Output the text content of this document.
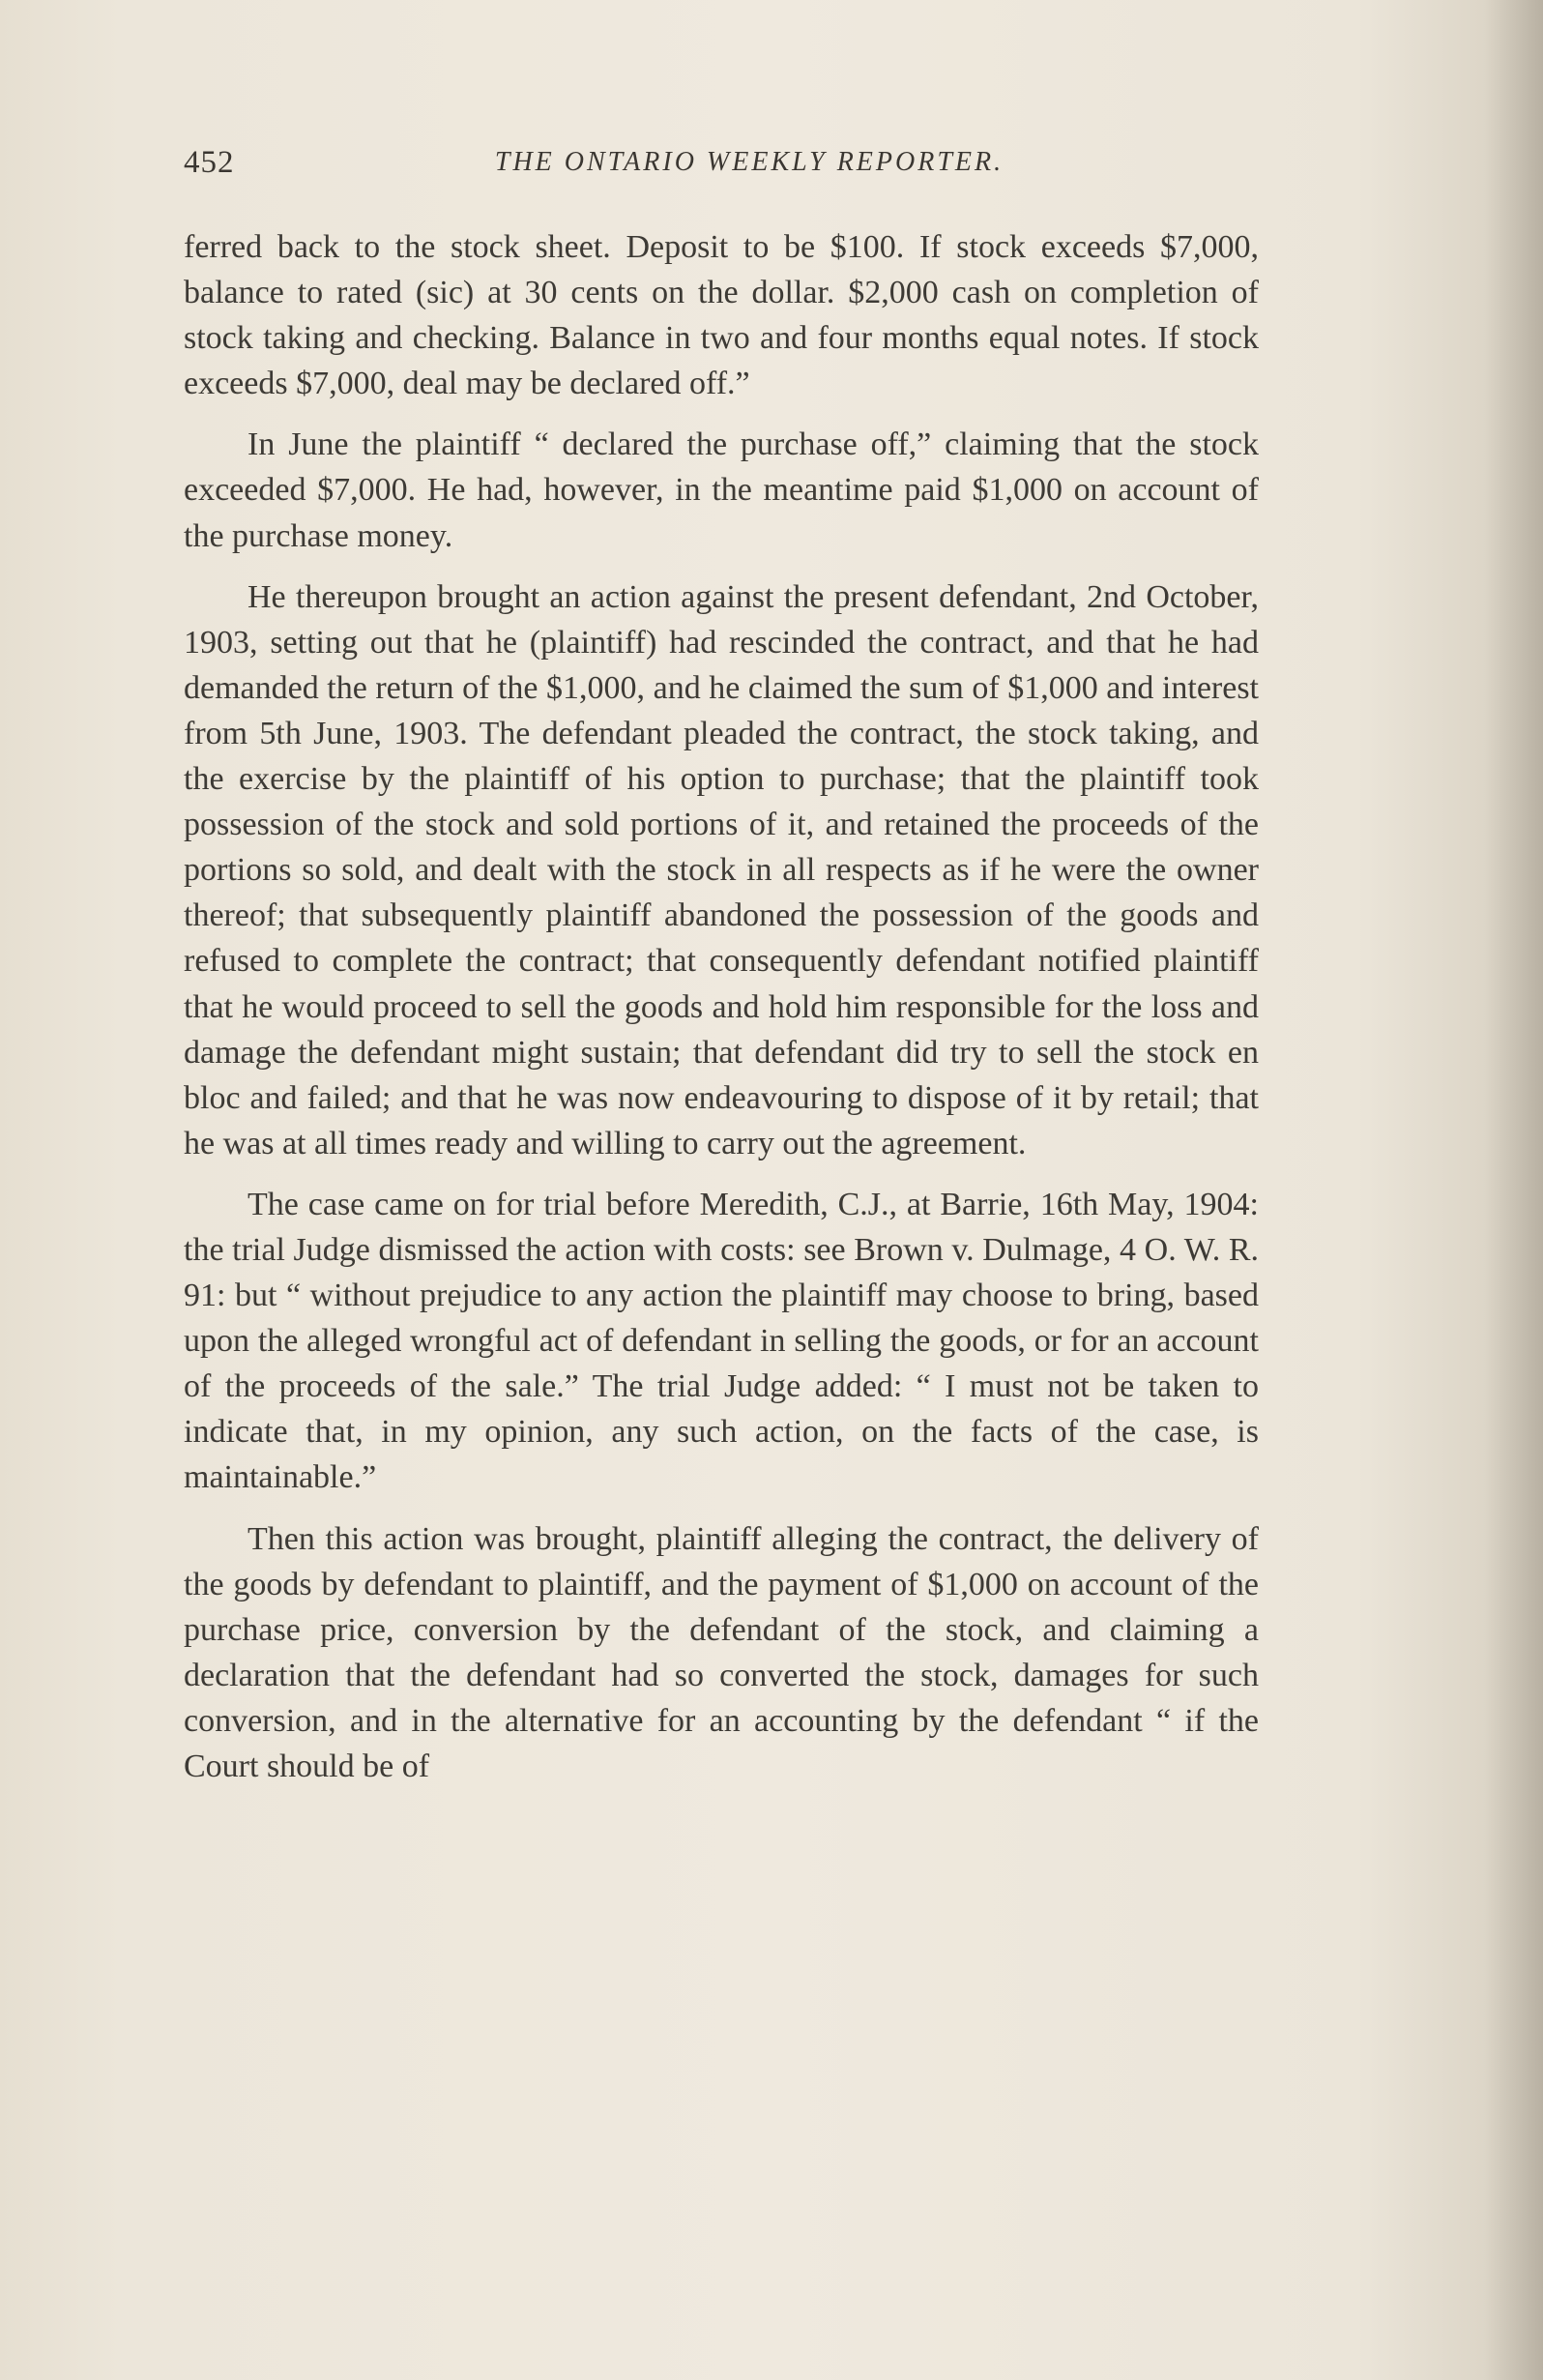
452	THE ONTARIO WEEKLY REPORTER.

ferred back to the stock sheet. Deposit to be $100. If stock exceeds $7,000, balance to rated (sic) at 30 cents on the dollar. $2,000 cash on completion of stock taking and checking. Balance in two and four months equal notes. If stock exceeds $7,000, deal may be declared off.”

In June the plaintiff “ declared the purchase off,” claiming that the stock exceeded $7,000. He had, however, in the meantime paid $1,000 on account of the purchase money.

He thereupon brought an action against the present defendant, 2nd October, 1903, setting out that he (plaintiff) had rescinded the contract, and that he had demanded the return of the $1,000, and he claimed the sum of $1,000 and interest from 5th June, 1903. The defendant pleaded the contract, the stock taking, and the exercise by the plaintiff of his option to purchase; that the plaintiff took possession of the stock and sold portions of it, and retained the proceeds of the portions so sold, and dealt with the stock in all respects as if he were the owner thereof; that subsequently plaintiff abandoned the possession of the goods and refused to complete the contract; that consequently defendant notified plaintiff that he would proceed to sell the goods and hold him responsible for the loss and damage the defendant might sustain; that defendant did try to sell the stock en bloc and failed; and that he was now endeavouring to dispose of it by retail; that he was at all times ready and willing to carry out the agreement.

The case came on for trial before Meredith, C.J., at Barrie, 16th May, 1904: the trial Judge dismissed the action with costs: see Brown v. Dulmage, 4 O. W. R. 91: but “ without prejudice to any action the plaintiff may choose to bring, based upon the alleged wrongful act of defendant in selling the goods, or for an account of the proceeds of the sale.” The trial Judge added: “ I must not be taken to indicate that, in my opinion, any such action, on the facts of the case, is maintainable.”

Then this action was brought, plaintiff alleging the contract, the delivery of the goods by defendant to plaintiff, and the payment of $1,000 on account of the purchase price, conversion by the defendant of the stock, and claiming a declaration that the defendant had so converted the stock, damages for such conversion, and in the alternative for an accounting by the defendant “ if the Court should be of
